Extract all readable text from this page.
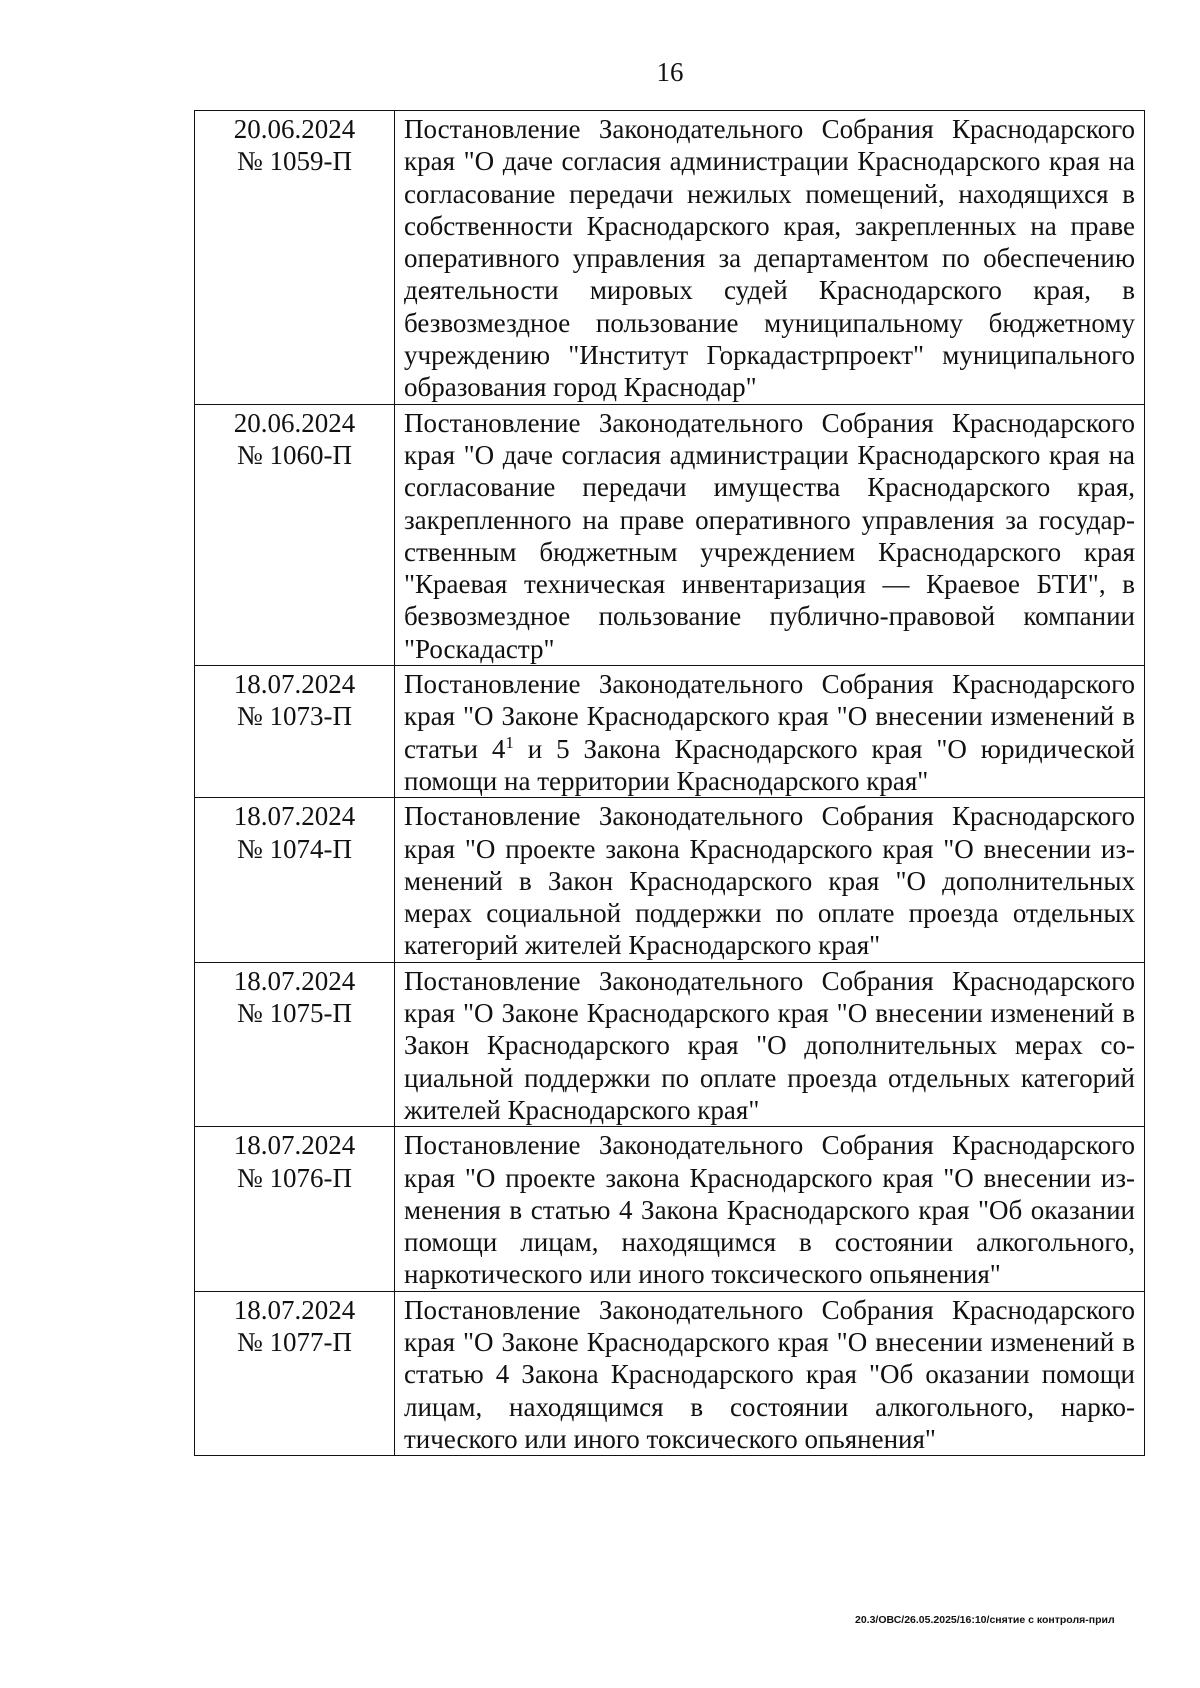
16
20.06.2024
№ 1059-П	Постановление Законодательного Собрания Краснодарского края "О даче согласия администрации Краснодарского края на согласование передачи нежилых помещений, находящихся в собственности Краснодарского края, закрепленных на праве оперативного управления за департаментом по обеспечению деятельности мировых судей Краснодарского края, в безвозмездное пользование муниципальному бюджетному учреждению "Институт Горкадастрпроект" муниципального образования город Краснодар"

20.06.2024
№ 1060-П	Постановление Законодательного Собрания Краснодарского края "О даче согласия администрации Краснодарского края на согласование передачи имущества Краснодарского края, закрепленного на праве оперативного управления за государственным бюджетным учреждением Краснодарского края "Краевая техническая инвентаризация — Краевое БТИ", в безвозмездное пользование публично-правовой компании "Роскадастр"

18.07.2024
№ 1073-П	Постановление Законодательного Собрания Краснодарского края "О Законе Краснодарского края "О внесении изменений в статьи $4^1$ и 5 Закона Краснодарского края "О юридической помощи на территории Краснодарского края"

18.07.2024
№ 1074-П	Постановление Законодательного Собрания Краснодарского края "О проекте закона Краснодарского края "О внесении изменений в Закон Краснодарского края "О дополнительных мерах социальной поддержки по оплате проезда отдельных категорий жителей Краснодарского края"

18.07.2024
№ 1075-П	Постановление Законодательного Собрания Краснодарского края "О Законе Краснодарского края "О внесении изменений в Закон Краснодарского края "О дополнительных мерах социальной поддержки по оплате проезда отдельных категорий жителей Краснодарского края"

18.07.2024
№ 1076-П	Постановление Законодательного Собрания Краснодарского края "О проекте закона Краснодарского края "О внесении изменения в статью 4 Закона Краснодарского края "Об оказании помощи лицам, находящимся в состоянии алкогольного, наркотического или иного токсического опьянения"

18.07.2024
№ 1077-П	Постановление Законодательного Собрания Краснодарского края "О Законе Краснодарского края "О внесении изменений в статью 4 Закона Краснодарского края "Об оказании помощи лицам, находящимся в состоянии алкогольного, наркотического или иного токсического опьянения"
20.3/ОВС/26.05.2025/16:10/снятие с контроля-прил
